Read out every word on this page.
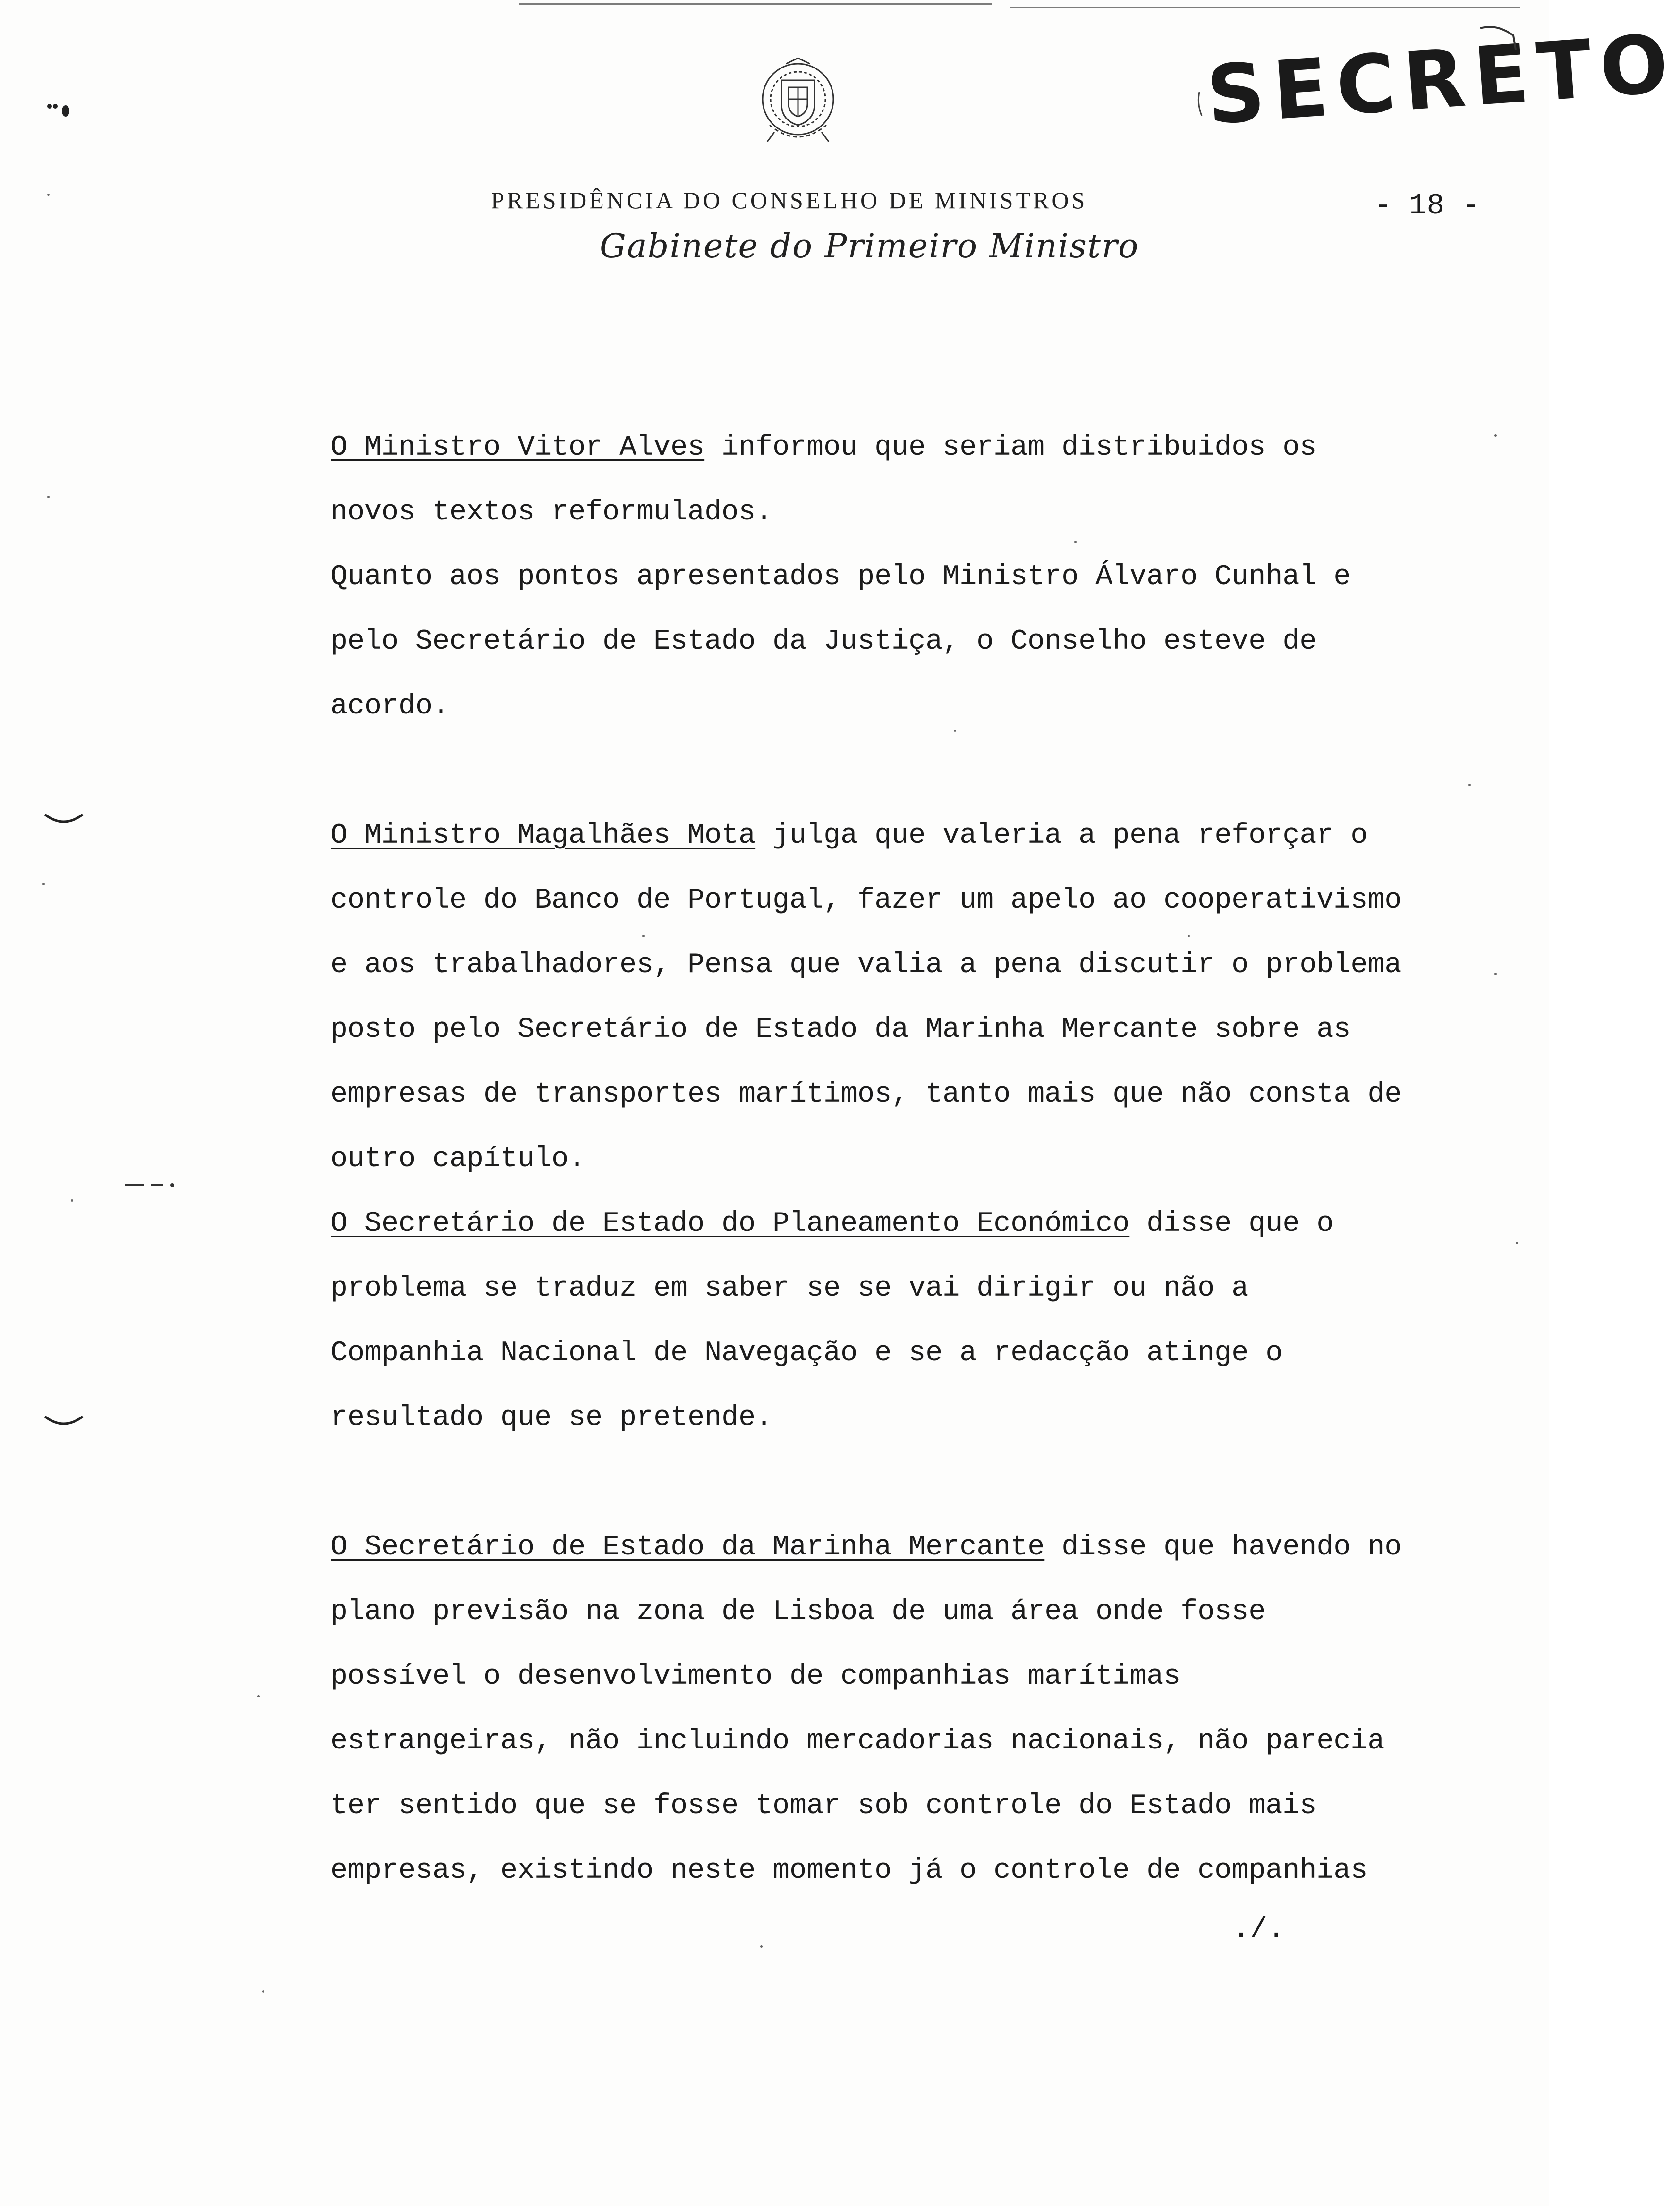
SECRETO
PRESIDÊNCIA DO CONSELHO DE MINISTROS
Gabinete do Primeiro Ministro
- 18 -

O Ministro Vitor Alves informou que seriam distribuidos os novos textos reformulados.

Quanto aos pontos apresentados pelo Ministro Álvaro Cunhal e pelo Secretário de Estado da Justiça, o Conselho esteve de acordo.

O Ministro Magalhães Mota julga que valeria a pena reforçar o controle do Banco de Portugal, fazer um apelo ao cooperativismo e aos trabalhadores, Pensa que valia a pena discutir o problema posto pelo Secretário de Estado da Marinha Mercante sobre as empresas de transportes marítimos, tanto mais que não consta de outro capítulo.

O Secretário de Estado do Planeamento Económico disse que o problema se traduz em saber se se vai dirigir ou não a Companhia Nacional de Navegação e se a redacção atinge o resultado que se pretende.

O Secretário de Estado da Marinha Mercante disse que havendo no plano previsão na zona de Lisboa de uma área onde fosse possível o desenvolvimento de companhias marítimas estrangeiras, não incluindo mercadorias nacionais, não parecia ter sentido que se fosse tomar sob controle do Estado mais empresas, existindo neste momento já o controle de companhias

./.
